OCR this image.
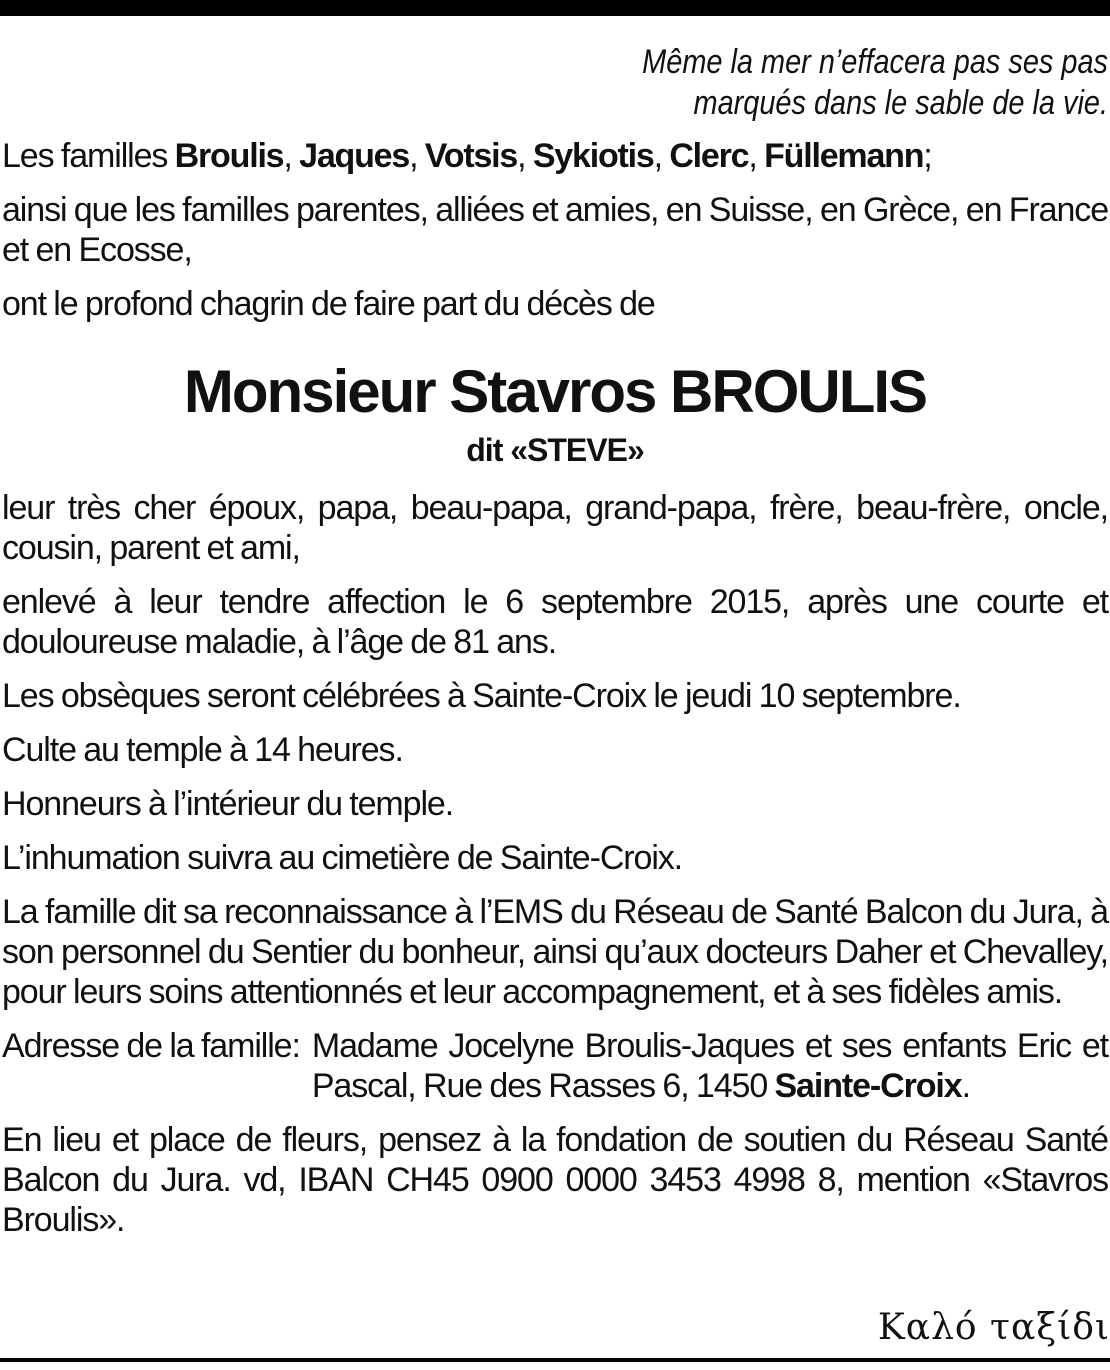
Même la mer n’effacera pas ses pas
marqués dans le sable de la vie.
Les familles Broulis, Jaques, Votsis, Sykiotis, Clerc, Füllemann;
ainsi que les familles parentes, alliées et amies, en Suisse, en Grèce, en France et en Ecosse,
ont le profond chagrin de faire part du décès de
Monsieur Stavros BROULIS
dit «STEVE»
leur très cher époux, papa, beau-papa, grand-papa, frère, beau-frère, oncle, cousin, parent et ami,
enlevé à leur tendre affection le 6 septembre 2015, après une courte et douloureuse maladie, à l’âge de 81 ans.
Les obsèques seront célébrées à Sainte-Croix le jeudi 10 septembre.
Culte au temple à 14 heures.
Honneurs à l’intérieur du temple.
L’inhumation suivra au cimetière de Sainte-Croix.
La famille dit sa reconnaissance à l’EMS du Réseau de Santé Balcon du Jura, à son personnel du Sentier du bonheur, ainsi qu’aux docteurs Daher et Chevalley, pour leurs soins attentionnés et leur accompagnement, et à ses fidèles amis.
Adresse de la famille: Madame Jocelyne Broulis-Jaques et ses enfants Eric et Pascal, Rue des Rasses 6, 1450 Sainte-Croix.
En lieu et place de fleurs, pensez à la fondation de soutien du Réseau Santé Balcon du Jura. vd, IBAN CH45 0900 0000 3453 4998 8, mention «Stavros Broulis».
Καλό ταξίδι
